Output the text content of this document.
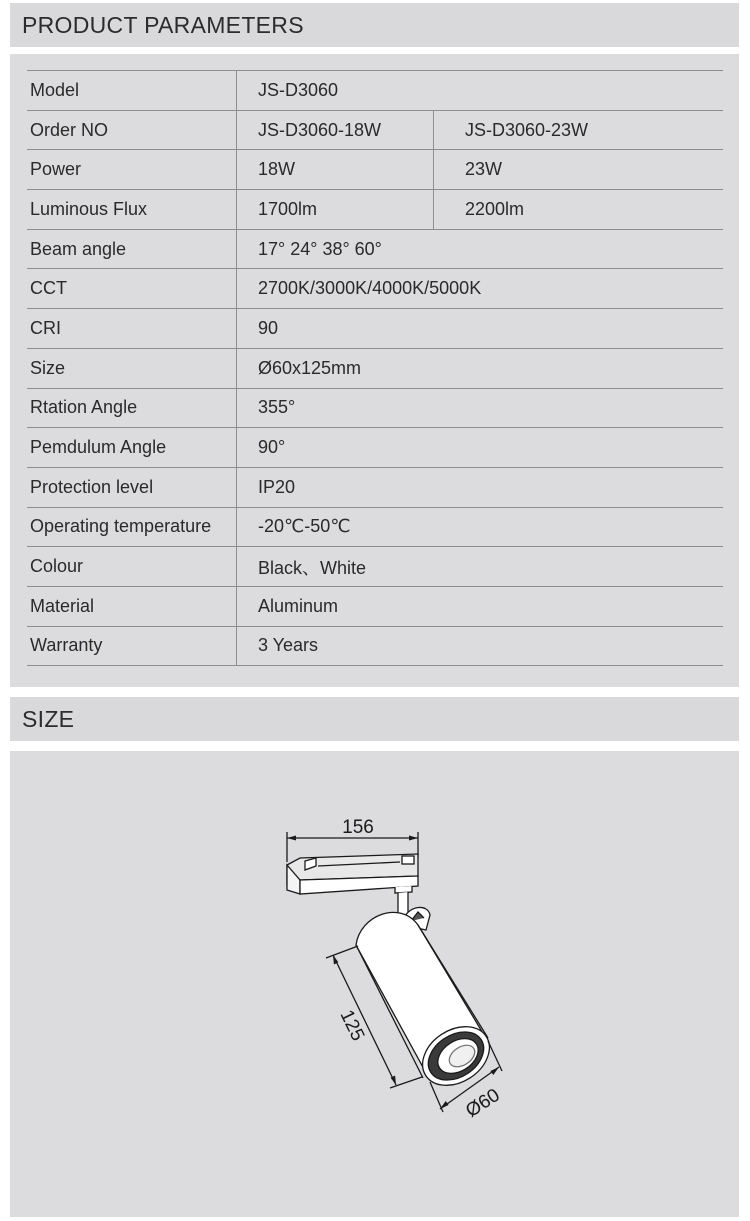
PRODUCT PARAMETERS
Model	JS-D3060	
Order NO	JS-D3060-18W	JS-D3060-23W
Power	18W	23W
Luminous Flux	1700lm	2200lm
Beam angle	17° 24° 38° 60°	
CCT	2700K/3000K/4000K/5000K	
CRI	90	
Size	Ø60x125mm	
Rtation Angle	355°	
Pemdulum Angle	90°	
Protection level	IP20	
Operating temperature	-20℃-50℃	
Colour	Black、White	
Material	Aluminum	
Warranty	3 Years	
SIZE
156
125
Ø60
